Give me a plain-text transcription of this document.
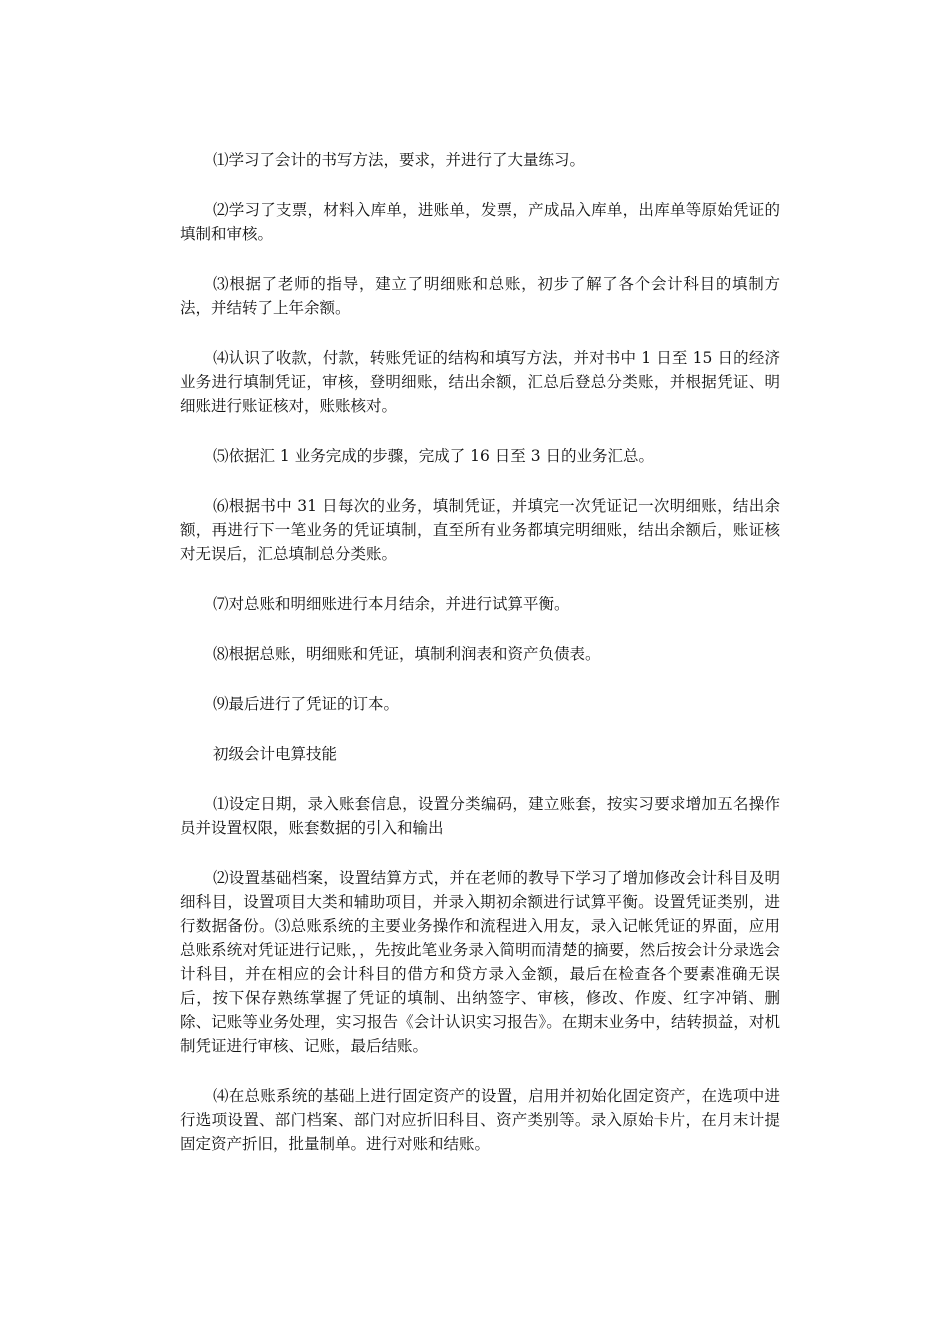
⑴学习了会计的书写方法，要求，并进行了大量练习。

⑵学习了支票，材料入库单，进账单，发票，产成品入库单，出库单等原始凭证的填制和审核。

⑶根据了老师的指导，建立了明细账和总账，初步了解了各个会计科目的填制方法，并结转了上年余额。

⑷认识了收款，付款，转账凭证的结构和填写方法，并对书中 1 日至 15 日的经济业务进行填制凭证，审核，登明细账，结出余额，汇总后登总分类账，并根据凭证、明细账进行账证核对，账账核对。

⑸依据汇 1 业务完成的步骤，完成了 16 日至 3 日的业务汇总。

⑹根据书中 31 日每次的业务，填制凭证，并填完一次凭证记一次明细账，结出余额，再进行下一笔业务的凭证填制，直至所有业务都填完明细账，结出余额后，账证核对无误后，汇总填制总分类账。

⑺对总账和明细账进行本月结余，并进行试算平衡。

⑻根据总账，明细账和凭证，填制利润表和资产负债表。

⑼最后进行了凭证的订本。

初级会计电算技能

⑴设定日期，录入账套信息，设置分类编码，建立账套，按实习要求增加五名操作员并设置权限，账套数据的引入和输出

⑵设置基础档案，设置结算方式，并在老师的教导下学习了增加修改会计科目及明细科目，设置项目大类和辅助项目，并录入期初余额进行试算平衡。设置凭证类别，进行数据备份。⑶总账系统的主要业务操作和流程进入用友，录入记帐凭证的界面，应用总账系统对凭证进行记账，，先按此笔业务录入简明而清楚的摘要，然后按会计分录选会计科目，并在相应的会计科目的借方和贷方录入金额，最后在检查各个要素准确无误后，按下保存熟练掌握了凭证的填制、出纳签字、审核，修改、作废、红字冲销、删除、记账等业务处理，实习报告《会计认识实习报告》。在期末业务中，结转损益，对机制凭证进行审核、记账，最后结账。

⑷在总账系统的基础上进行固定资产的设置，启用并初始化固定资产，在选项中进行选项设置、部门档案、部门对应折旧科目、资产类别等。录入原始卡片，在月末计提固定资产折旧，批量制单。进行对账和结账。
